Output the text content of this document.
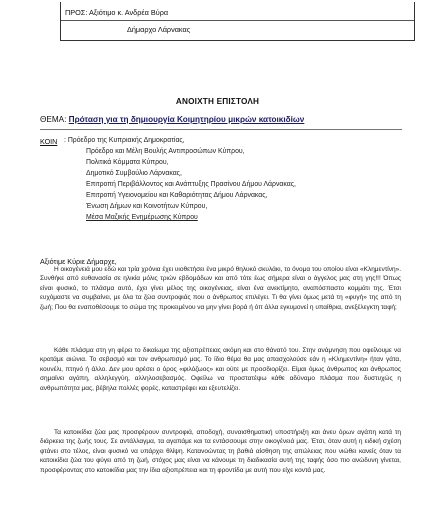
ΠΡΟΣ: Αξιότιμο κ. Ανδρέα Βύρα
Δήμαρχο Λάρνακας
ΑΝΟΙΧΤΗ ΕΠΙΣΤΟΛΗ
ΘΕΜΑ: Πρόταση για τη δημιουργία Κοιμητηρίου μικρών κατοικιδίων
ΚΟΙΝ : Πρόεδρο της Κυπριακής Δημοκρατίας,
Πρόεδρο και Μέλη Βουλής Αντιπροσώπων Κύπρου,
Πολιτικά Κόμματα Κύπρου,
Δημοτικό Συμβούλιο Λάρνακας,
Επιτροπή Περιβάλλοντος και Ανάπτυξης Πρασίνου Δήμου Λάρνακας,
Επιτροπή Υγειονομείου και Καθαριότητας Δήμου Λάρνακας,
Ένωση Δήμων και Κοινοτήτων Κύπρου,
Μέσα Μαζικής Ενημέρωσης Κύπρου
Αξιότιμε Κύριε Δήμαρχε,

Η οικογένειά μου εδώ και τρία χρόνια έχει υιοθετήσει ένα μικρό θηλυκό σκυλάκι, το όνομα του οποίου είναι «Κλημεντίνη». Συνθήκε από ευθανασία σε ηλικία μόλις τριών εβδομάδων και από τότε έως σήμερα είναι ο άγγελος μας στη γης!!! Όπως είναι φυσικό, το πλάσμα αυτό, έχει γίνει μέλος της οικογένειας, είναι ένα ανεκτίμητο, αναπόσπαστο κομμάτι της. Έτσι ευχόμαστε να συμβαίνει, με όλα τα ζώα συντροφιάς που ο άνθρωπος επιλέγει. Τι θα γίνει όμως μετά τη «φυγή» της από τη ζωή; Που θα εναποθέσουμε το σώμα της προκειμένου να μην γίνει βορά ή όπ άλλα εγκυμονεί η υπαίθρια, ανεξέλεγκτη ταφή;

Κάθε πλάσμα στη γη φέρει το δικαίωμα της αξιοπρέπειας ακόμη και στο θάνατό του. Στην ανάμνηση που οφείλουμε να κρατάμε αιώνια. Το σεβασμό και τον ανθρωπισμό μας. Το ίδιο θέμα θα μας απασχολούσε εάν η «Κλημεντίνη» ήταν γάτα, κουνέλι, πτηνό ή άλλο. Δεν μου αρέσει ο όρος «φιλόζωος» και ούτε με προσδιορίζει. Είμαι όμως άνθρωπος και άνθρωπος σημαίνει αγάπη, αλληλεγγύη, αλληλοσεβασμός. Οφείλω να προστατέψω κάθε αδύναμο πλάσμα που δυστυχώς η ανθρωπότητα μας, βέβηλα πολλές φορές, καταστρέφει και εξευτελίζει.

Τα κατοικίδια ζώα μας προσφέρουν συντροφιά, αποδοχή, συναισθηματική υποστήριξη και άνευ όρων αγάπη κατά τη διάρκεια της ζωής τους. Σε αντάλλαγμα, τα αγαπάμε και τα εντάσσουμε στην οικογένειά μας. Έτσι, όταν αυτή η ειδική σχέση φτάνει στο τέλος, είναι φυσικό να υπάρχει θλίψη. Κατανοώντας τη βαθιά αίσθηση της απώλειας που νιώθει κανείς όταν τα κατοικίδια ζώα του φύγει από τη ζωή, στόχος μας είναι να κάνουμε τη διαδικασία αυτή της ταφής όσο πιο ανώδυνη γίνεται, προσφέροντας στο κατοικίδια μας την ίδια αξιοπρέπεια και τη φροντίδα με αυτή που είχε κοντά μας.
